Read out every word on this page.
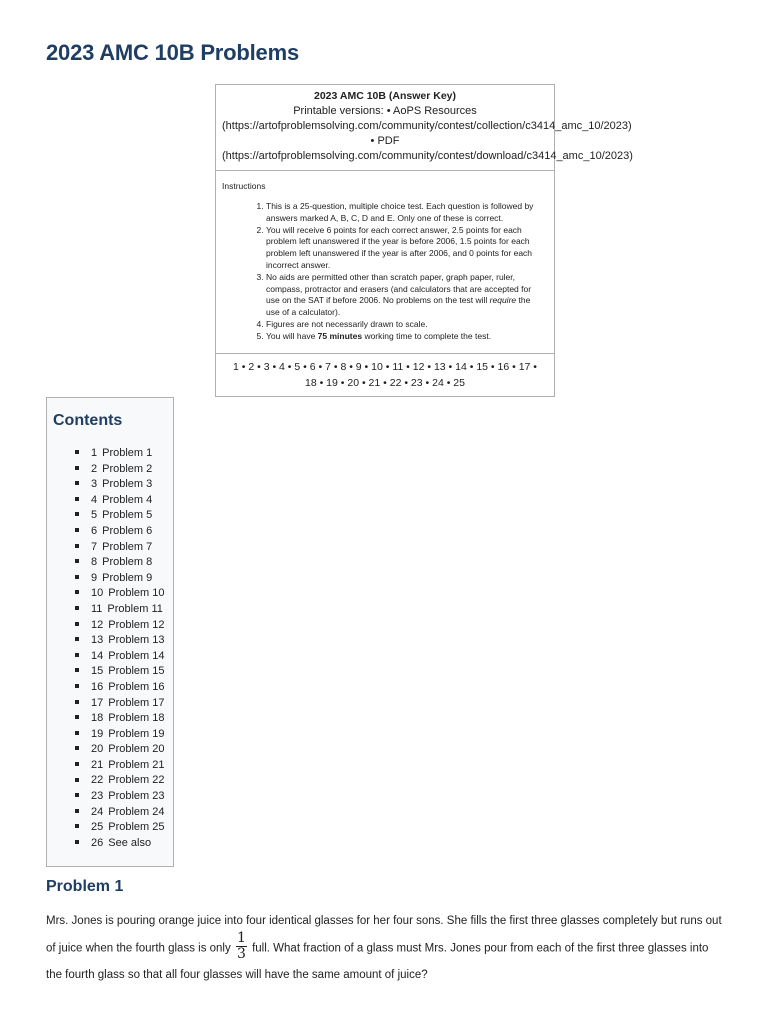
2023 AMC 10B Problems
2023 AMC 10B (Answer Key)
Printable versions: • AoPS Resources (https://artofproblemsolving.com/community/contest/collection/c3414_amc_10/2023) • PDF (https://artofproblemsolving.com/community/contest/download/c3414_amc_10/2023)
Instructions
1. This is a 25-question, multiple choice test. Each question is followed by answers marked A, B, C, D and E. Only one of these is correct.
2. You will receive 6 points for each correct answer, 2.5 points for each problem left unanswered if the year is before 2006, 1.5 points for each problem left unanswered if the year is after 2006, and 0 points for each incorrect answer.
3. No aids are permitted other than scratch paper, graph paper, ruler, compass, protractor and erasers (and calculators that are accepted for use on the SAT if before 2006. No problems on the test will require the use of a calculator).
4. Figures are not necessarily drawn to scale.
5. You will have 75 minutes working time to complete the test.
1 • 2 • 3 • 4 • 5 • 6 • 7 • 8 • 9 • 10 • 11 • 12 • 13 • 14 • 15 • 16 • 17 •
18 • 19 • 20 • 21 • 22 • 23 • 24 • 25
Contents
1 Problem 1
2 Problem 2
3 Problem 3
4 Problem 4
5 Problem 5
6 Problem 6
7 Problem 7
8 Problem 8
9 Problem 9
10 Problem 10
11 Problem 11
12 Problem 12
13 Problem 13
14 Problem 14
15 Problem 15
16 Problem 16
17 Problem 17
18 Problem 18
19 Problem 19
20 Problem 20
21 Problem 21
22 Problem 22
23 Problem 23
24 Problem 24
25 Problem 25
26 See also
Problem 1
Mrs. Jones is pouring orange juice into four identical glasses for her four sons. She fills the first three glasses completely but runs out of juice when the fourth glass is only $\frac{1}{3}$ full. What fraction of a glass must Mrs. Jones pour from each of the first three glasses into the fourth glass so that all four glasses will have the same amount of juice?
